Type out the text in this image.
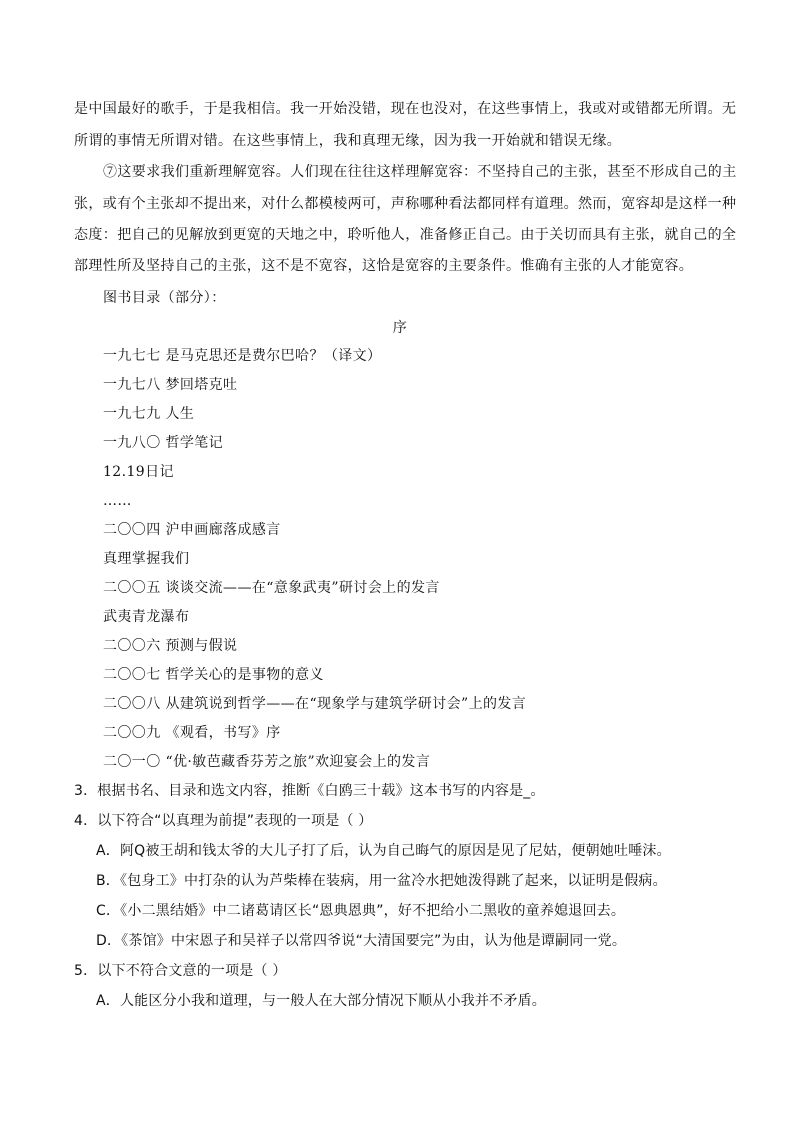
是中国最好的歌手，于是我相信。我一开始没错，现在也没对，在这些事情上，我或对或错都无所谓。无
所谓的事情无所谓对错。在这些事情上，我和真理无缘，因为我一开始就和错误无缘。
⑦这要求我们重新理解宽容。人们现在往往这样理解宽容：不坚持自己的主张，甚至不形成自己的主
张，或有个主张却不提出来，对什么都模棱两可，声称哪种看法都同样有道理。然而，宽容却是这样一种
态度：把自己的见解放到更宽的天地之中，聆听他人，准备修正自己。由于关切而具有主张，就自己的全
部理性所及坚持自己的主张，这不是不宽容，这恰是宽容的主要条件。惟确有主张的人才能宽容。
图书目录（部分）：
序
一九七七 是马克思还是费尔巴哈？（译文）
一九七八 梦回塔克吐
一九七九 人生
一九八〇 哲学笔记
12.19日记
……
二〇〇四 沪申画廊落成感言
真理掌握我们
二〇〇五 谈谈交流——在“意象武夷”研讨会上的发言
武夷青龙瀑布
二〇〇六 预测与假说
二〇〇七 哲学关心的是事物的意义
二〇〇八 从建筑说到哲学——在“现象学与建筑学研讨会”上的发言
二〇〇九 《观看，书写》序
二〇一〇 “优·敏芭藏香芬芳之旅”欢迎宴会上的发言
3．根据书名、目录和选文内容，推断《白鸥三十载》这本书写的内容是_。
4．以下符合“以真理为前提”表现的一项是（ ）
A．阿Q被王胡和钱太爷的大儿子打了后，认为自己晦气的原因是见了尼姑，便朝她吐唾沫。
B．《包身工》中打杂的认为芦柴棒在装病，用一盆冷水把她泼得跳了起来，以证明是假病。
C．《小二黑结婚》中二诸葛请区长“恩典恩典”，好不把给小二黑收的童养媳退回去。
D．《茶馆》中宋恩子和吴祥子以常四爷说“大清国要完”为由，认为他是谭嗣同一党。
5．以下不符合文意的一项是（ ）
A．人能区分小我和道理，与一般人在大部分情况下顺从小我并不矛盾。
